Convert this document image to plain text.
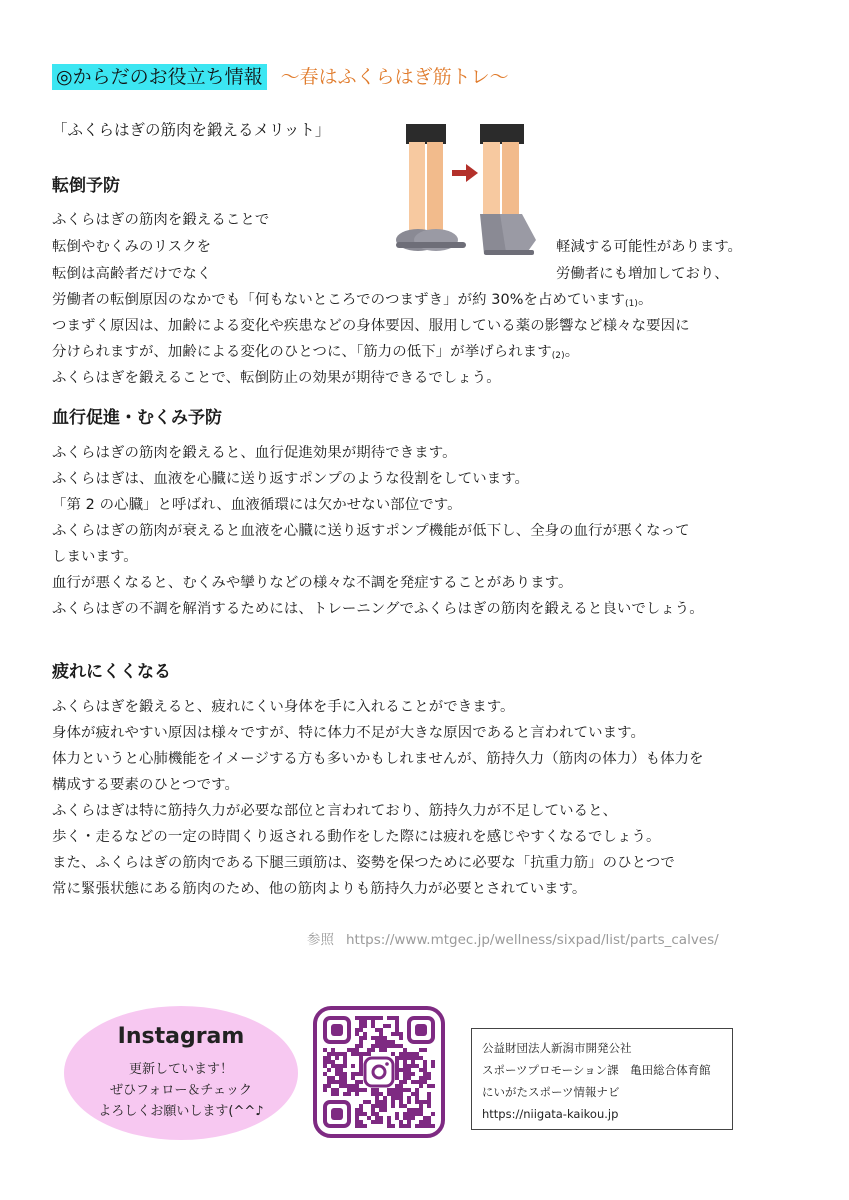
◎からだのお役立ち情報 ～春はふくらはぎ筋トレ～
「ふくらはぎの筋肉を鍛えるメリット」
転倒予防
ふくらはぎの筋肉を鍛えることで
転倒やむくみのリスクを	軽減する可能性があります。
転倒は高齢者だけでなく	労働者にも増加しており、
労働者の転倒原因のなかでも「何もないところでのつまずき」が約 30%を占めています$_{(1)}$。
つまずく原因は、加齢による変化や疾患などの身体要因、服用している薬の影響など様々な要因に
分けられますが、加齢による変化のひとつに、「筋力の低下」が挙げられます$_{(2)}$。
ふくらはぎを鍛えることで、転倒防止の効果が期待できるでしょう。
血行促進・むくみ予防
ふくらはぎの筋肉を鍛えると、血行促進効果が期待できます。
ふくらはぎは、血液を心臓に送り返すポンプのような役割をしています。
「第 2 の心臓」と呼ばれ、血液循環には欠かせない部位です。
ふくらはぎの筋肉が衰えると血液を心臓に送り返すポンプ機能が低下し、全身の血行が悪くなって
しまいます。
血行が悪くなると、むくみや攣りなどの様々な不調を発症することがあります。
ふくらはぎの不調を解消するためには、トレーニングでふくらはぎの筋肉を鍛えると良いでしょう。
疲れにくくなる
ふくらはぎを鍛えると、疲れにくい身体を手に入れることができます。
身体が疲れやすい原因は様々ですが、特に体力不足が大きな原因であると言われています。
体力というと心肺機能をイメージする方も多いかもしれませんが、筋持久力（筋肉の体力）も体力を
構成する要素のひとつです。
ふくらはぎは特に筋持久力が必要な部位と言われており、筋持久力が不足していると、
歩く・走るなどの一定の時間くり返される動作をした際には疲れを感じやすくなるでしょう。
また、ふくらはぎの筋肉である下腿三頭筋は、姿勢を保つために必要な「抗重力筋」のひとつで
常に緊張状態にある筋肉のため、他の筋肉よりも筋持久力が必要とされています。
参照 https://www.mtgec.jp/wellness/sixpad/list/parts_calves/
Instagram
更新しています！
ぜひフォロー＆チェック
よろしくお願いします(^^♪
公益財団法人新潟市開発公社
スポーツプロモーション課　亀田総合体育館
にいがたスポーツ情報ナビ
https://niigata-kaikou.jp
